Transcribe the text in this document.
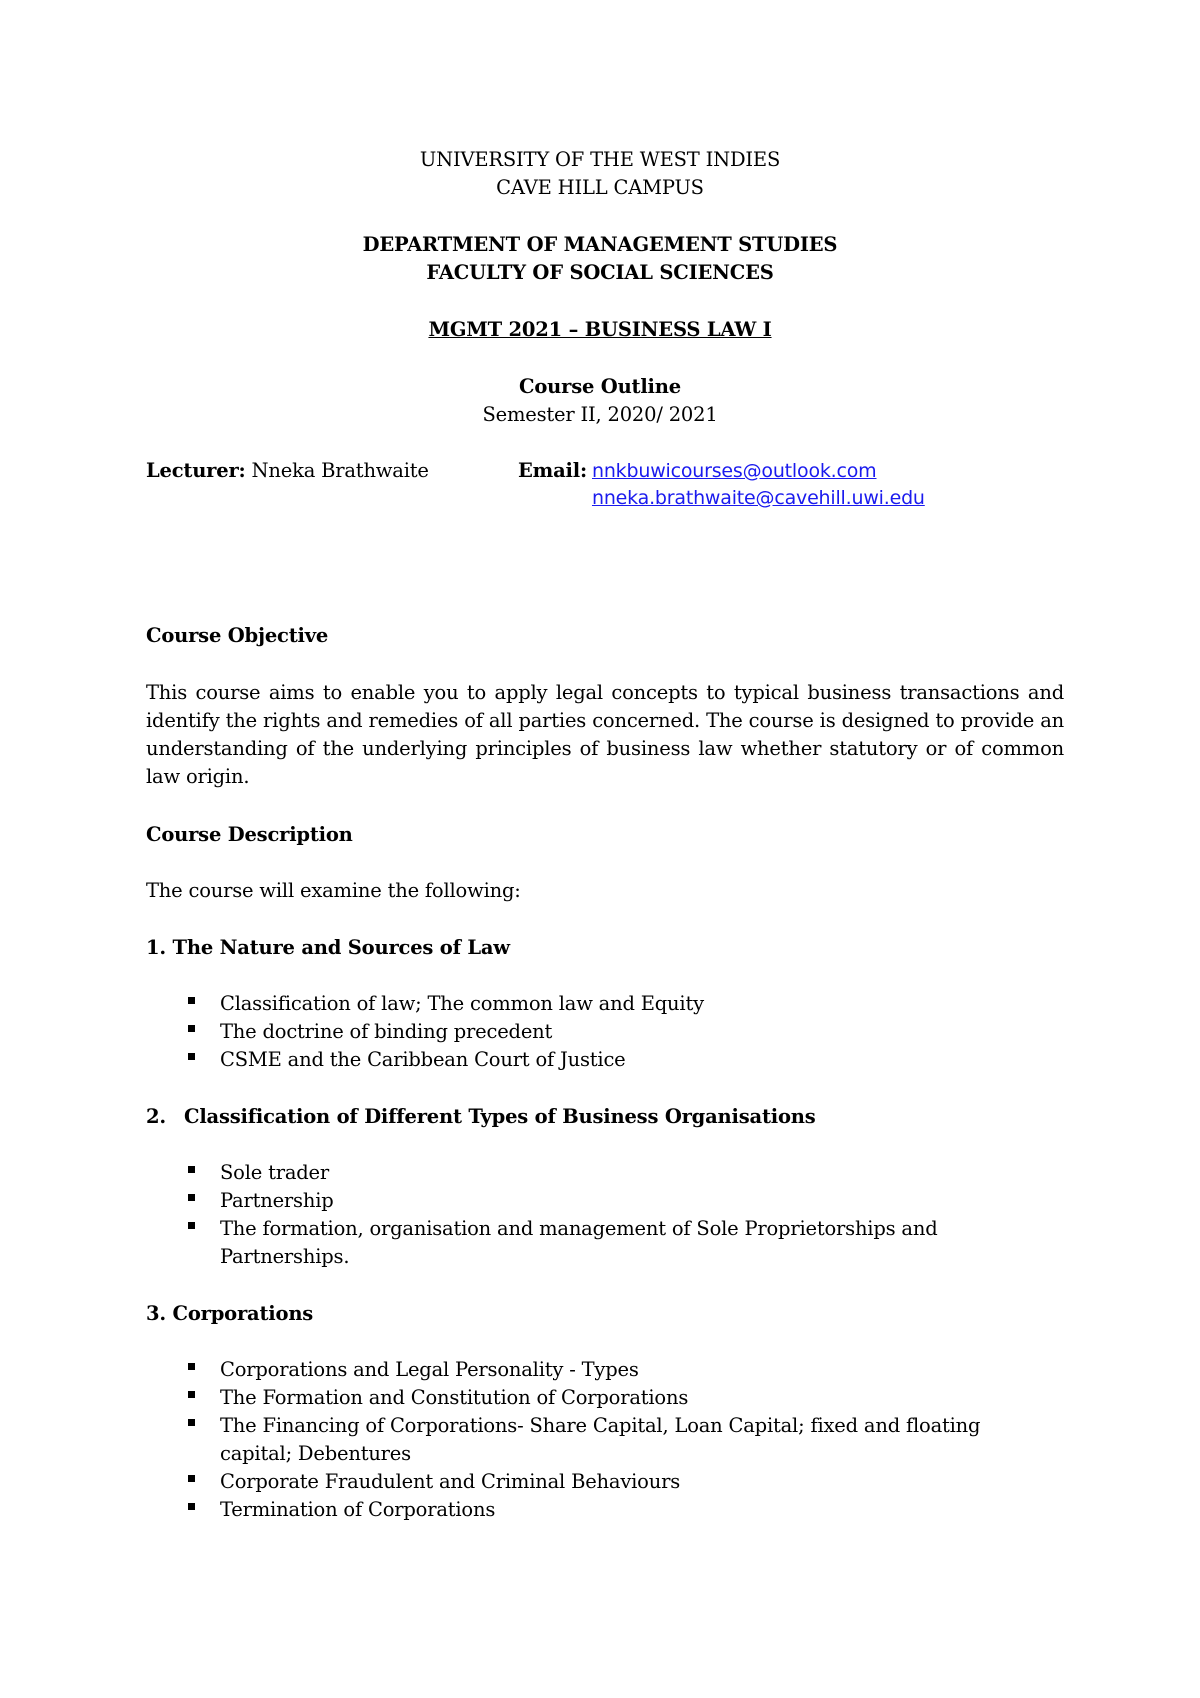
UNIVERSITY OF THE WEST INDIES
CAVE HILL CAMPUS
DEPARTMENT OF MANAGEMENT STUDIES
FACULTY OF SOCIAL SCIENCES
MGMT 2021 – BUSINESS LAW I
Course Outline
Semester II, 2020/ 2021
Lecturer: Nneka Brathwaite	Email: nnkbuwicourses@outlook.com
nneka.brathwaite@cavehill.uwi.edu
Course Objective
This course aims to enable you to apply legal concepts to typical business transactions and
identify the rights and remedies of all parties concerned. The course is designed to provide an
understanding of the underlying principles of business law whether statutory or of common
law origin.
Course Description
The course will examine the following:
1. The Nature and Sources of Law
Classification of law; The common law and Equity
The doctrine of binding precedent
CSME and the Caribbean Court of Justice
2. Classification of Different Types of Business Organisations
Sole trader
Partnership
The formation, organisation and management of Sole Proprietorships and
Partnerships.
3. Corporations
Corporations and Legal Personality - Types
The Formation and Constitution of Corporations
The Financing of Corporations- Share Capital, Loan Capital; fixed and floating
capital; Debentures
Corporate Fraudulent and Criminal Behaviours
Termination of Corporations
